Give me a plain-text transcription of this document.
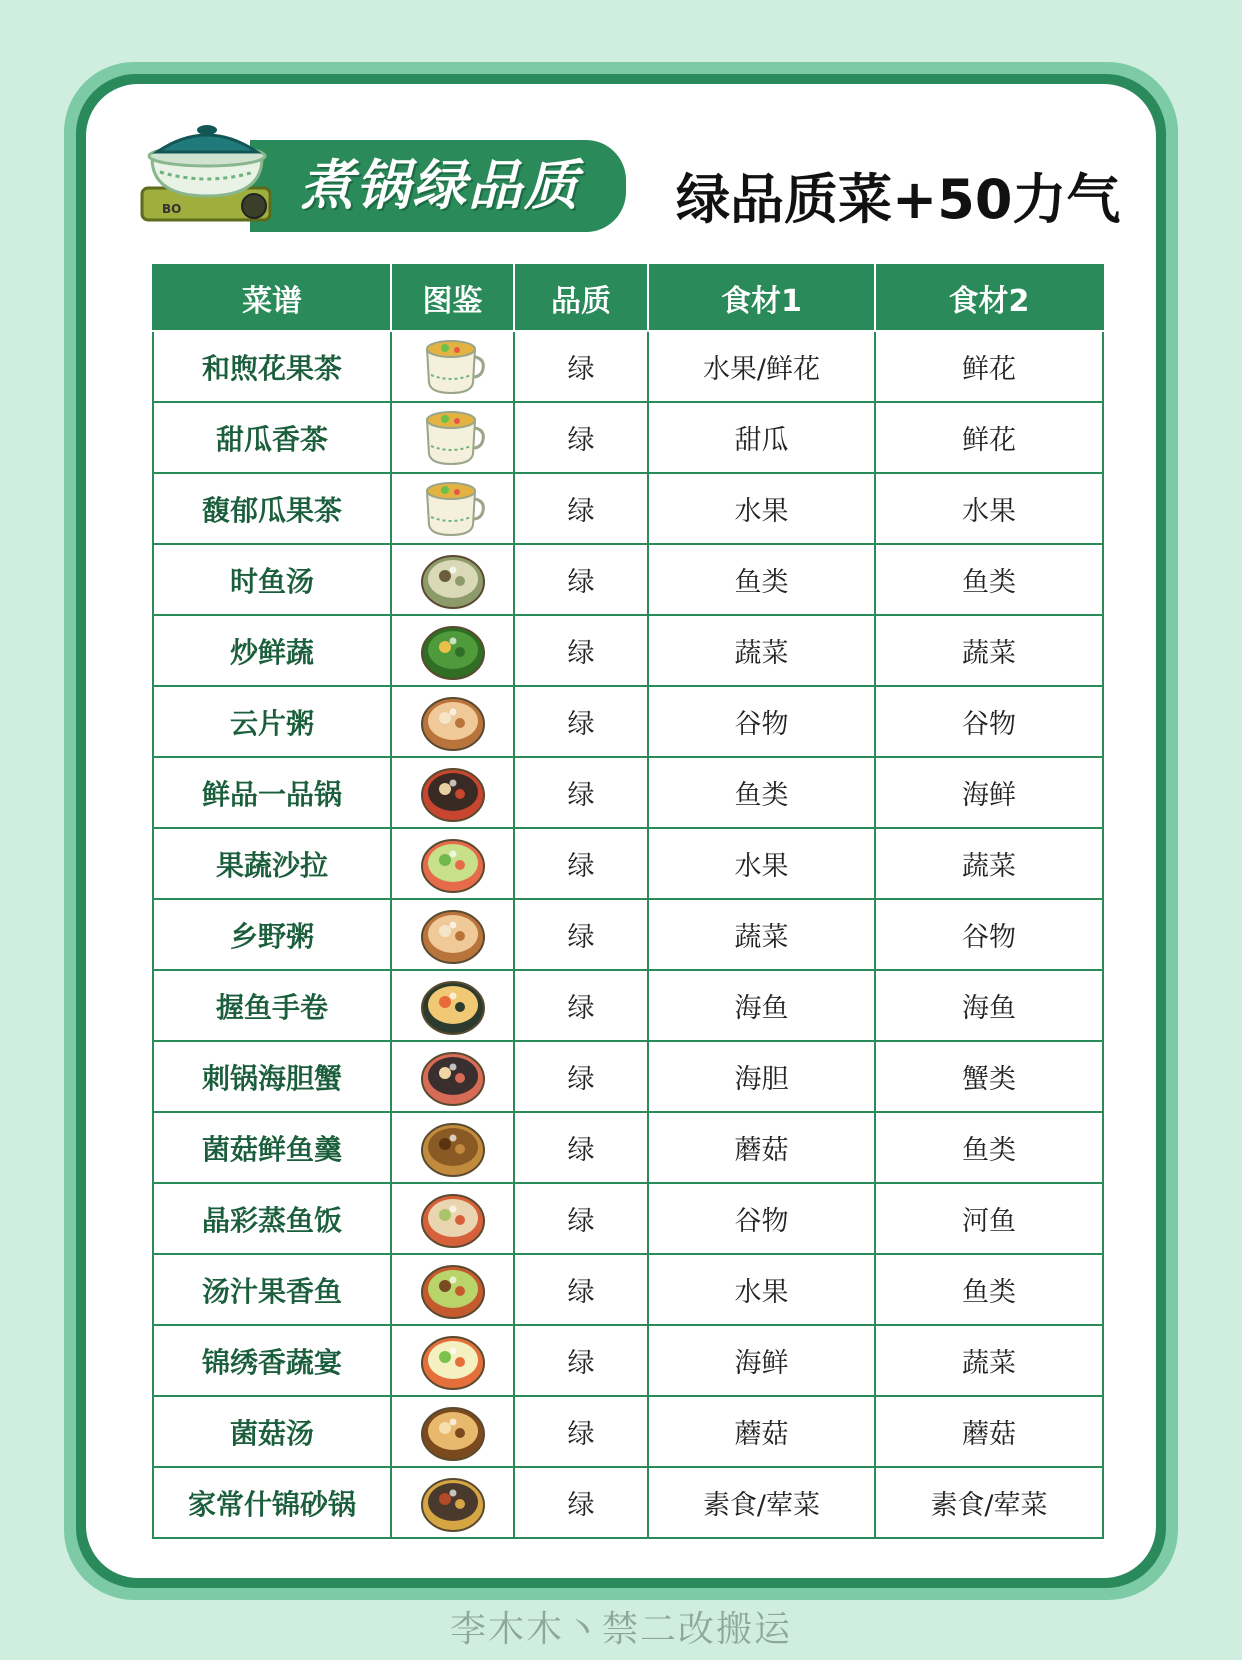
煮锅绿品质
BO	绿品质菜+50力气
菜谱	图鉴	品质	食材1	食材2
和煦花果茶		绿	水果/鲜花	鲜花
甜瓜香茶		绿	甜瓜	鲜花
馥郁瓜果茶		绿	水果	水果
时鱼汤		绿	鱼类	鱼类
炒鲜蔬		绿	蔬菜	蔬菜
云片粥		绿	谷物	谷物
鲜品一品锅		绿	鱼类	海鲜
果蔬沙拉		绿	水果	蔬菜
乡野粥		绿	蔬菜	谷物
握鱼手卷		绿	海鱼	海鱼
刺锅海胆蟹		绿	海胆	蟹类
菌菇鲜鱼羹		绿	蘑菇	鱼类
晶彩蒸鱼饭		绿	谷物	河鱼
汤汁果香鱼		绿	水果	鱼类
锦绣香蔬宴		绿	海鲜	蔬菜
菌菇汤		绿	蘑菇	蘑菇
家常什锦砂锅		绿	素食/荤菜	素食/荤菜
李木木丶禁二改搬运
